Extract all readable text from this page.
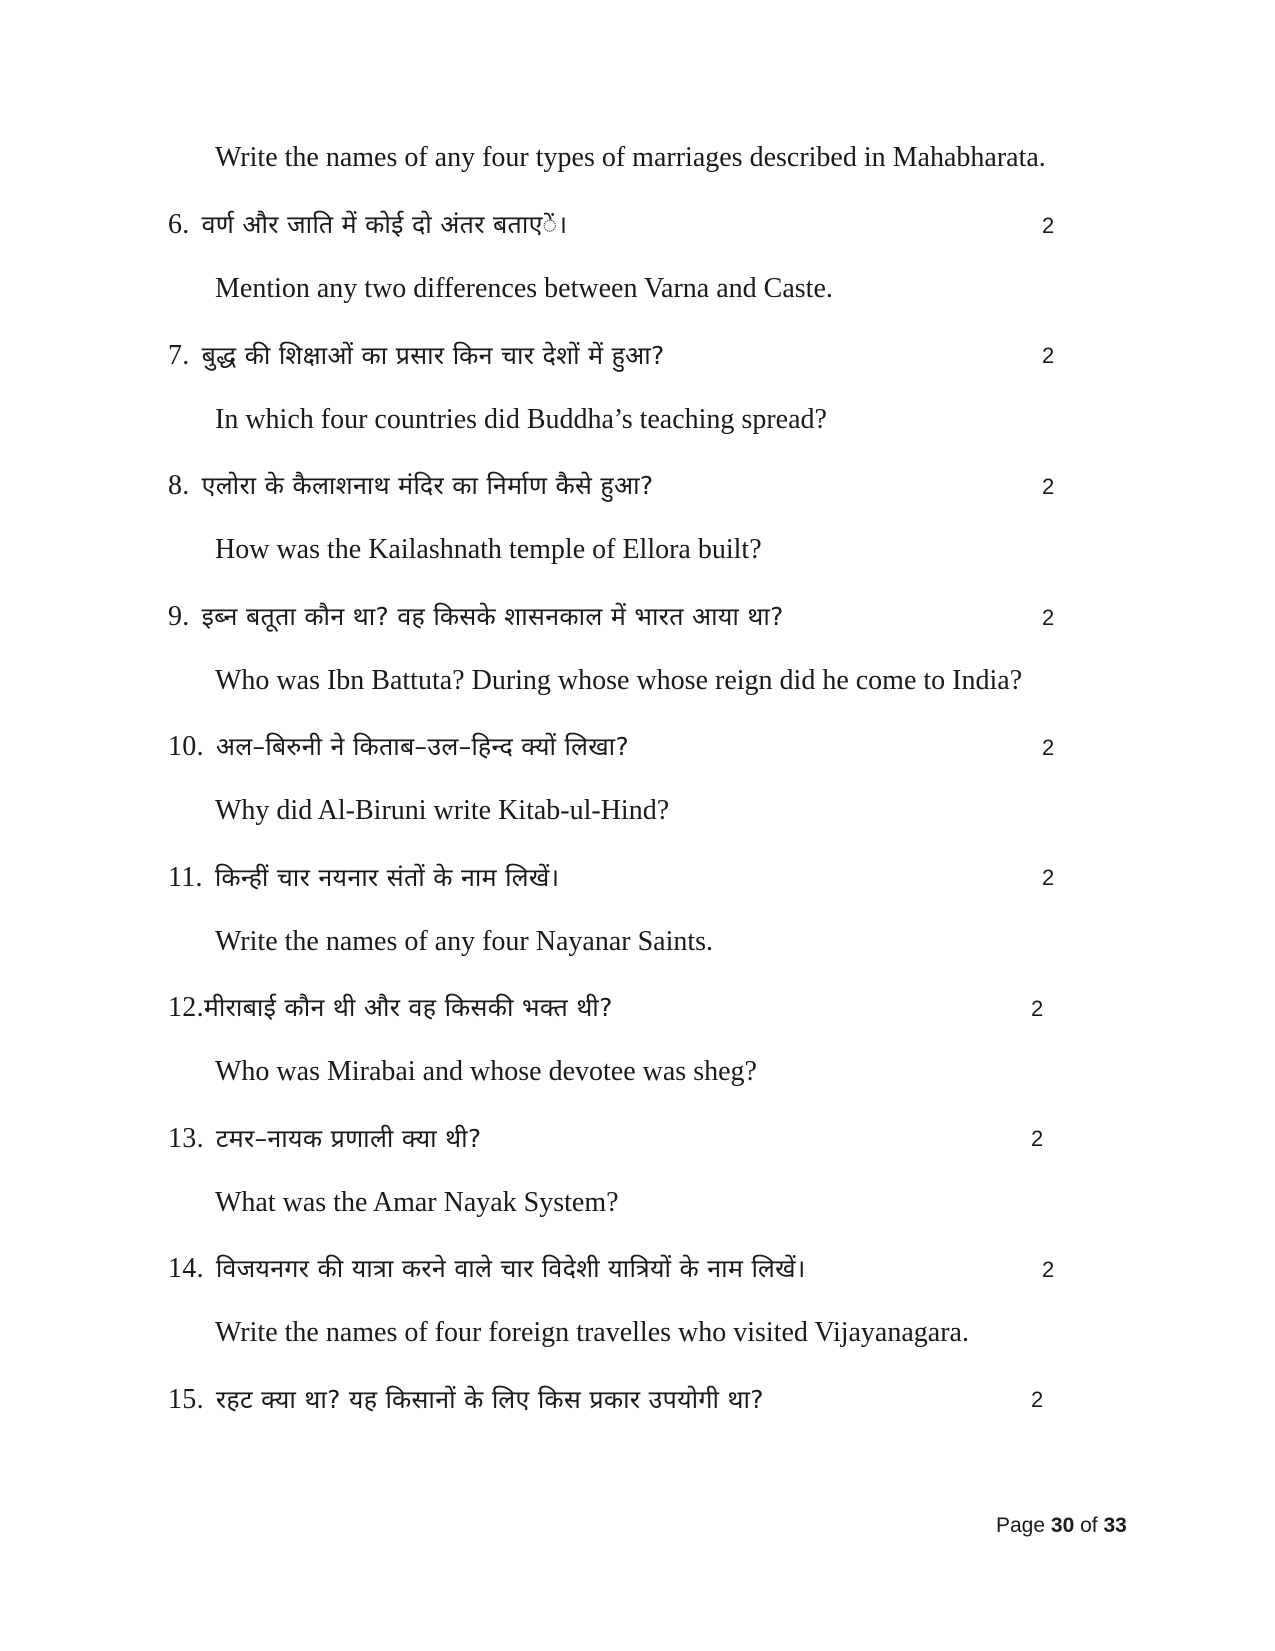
Write the names of any four types of marriages described in Mahabharata.
6. वर्ण और जाति में कोई दो अंतर बताएें।	2
Mention any two differences between Varna and Caste.
7. बुद्ध की शिक्षाओं का प्रसार किन चार देशों में हुआ?	2
In which four countries did Buddha’s teaching spread?
8. एलोरा के कैलाशनाथ मंदिर का निर्माण कैसे हुआ?	2
How was the Kailashnath temple of Ellora built?
9. इब्न बतूता कौन था? वह किसके शासनकाल में भारत आया था?	2
Who was Ibn Battuta? During whose whose reign did he come to India?
10. अल–बिरुनी ने किताब–उल–हिन्द क्यों लिखा?	2
Why did Al-Biruni write Kitab-ul-Hind?
11. किन्हीं चार नयनार संतों के नाम लिखें।	2
Write the names of any four Nayanar Saints.
12.मीराबाई कौन थी और वह किसकी भक्त थी?	2
Who was Mirabai and whose devotee was sheg?
13. टमर–नायक प्रणाली क्या थी?	2
What was the Amar Nayak System?
14. विजयनगर की यात्रा करने वाले चार विदेशी यात्रियों के नाम लिखें।	2
Write the names of four foreign travelles who visited Vijayanagara.
15. रहट क्या था? यह किसानों के लिए किस प्रकार उपयोगी था?	2
Page 30 of 33
